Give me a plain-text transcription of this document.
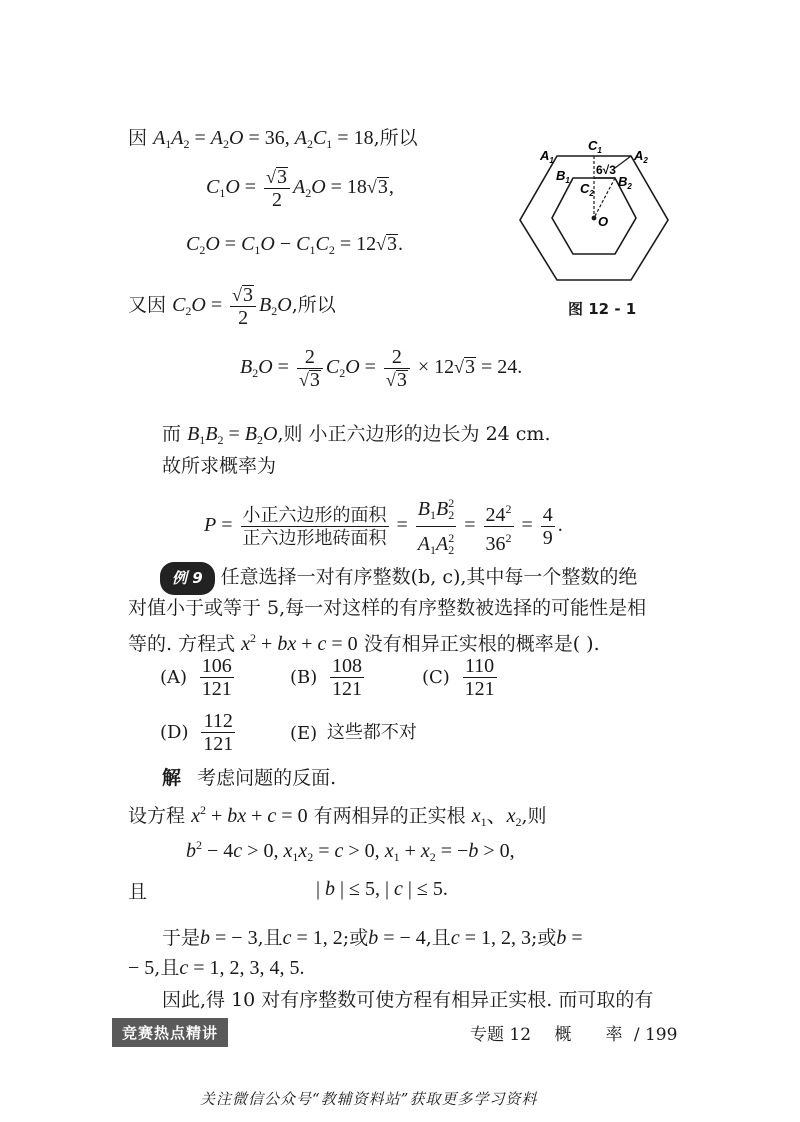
因 $A_1A_2 = A_2O = 36$, $A_2C_1 = 18$,所以
$C_1O = \frac{√3}{2} A_2O = 18√3$,
$C_2O = C_1O - C_1C_2 = 12√3$.
又因 $C_2O = \frac{√3}{2} B_2O$,所以
$B_2O = \frac{2}{√3} C_2O = \frac{2}{√3} \times 12√3 = 24$.
而 $B_1B_2 = B_2O$,则 小正六边形的边长为 24 cm.
故所求概率为
$P = \frac{\text{小正六边形的面积}}{\text{正六边形地砖面积}} = \frac{B_1B^2_2}{A_1A^2_2} = \frac{24^2}{36^2} = \frac{4}{9}$ .
例 9 任意选择一对有序整数(b, c),其中每一个整数的绝
对值小于或等于 5,每一对这样的有序整数被选择的可能性是相
等的. 方程式 $x^2$ + bx + c = 0 没有相异正实根的概率是( ).
$(A) \frac{106}{121}$	$(B) \frac{108}{121}$	$(C) \frac{110}{121}$
$(D) \frac{112}{121}$	(E) 这些都不对
解 考虑问题的反面.
设方程 $x^2$ + bx + c = 0 有两相异的正实根 $x_1$、$x_2$,则
$b^2 - 4c > 0$, $x_1x_2 = c > 0$, $x_1 + x_2 = -b > 0$,
且	| b | ≤ 5, | c | ≤ 5.
于是b = − 3,且c = 1, 2;或b = − 4,且c = 1, 2, 3;或b =
− 5,且c = 1, 2, 3, 4, 5.
因此,得 10 对有序整数可使方程有相异正实根. 而可取的有
$A_1$	$A_2$
$C_1$
$B_1$	$B_2$
$C_2$
O
6√3
图 12 - 1
竞赛热点精讲	专题 12 概　　率 / 199
关注微信公众号“教辅资料站”获取更多学习资料
